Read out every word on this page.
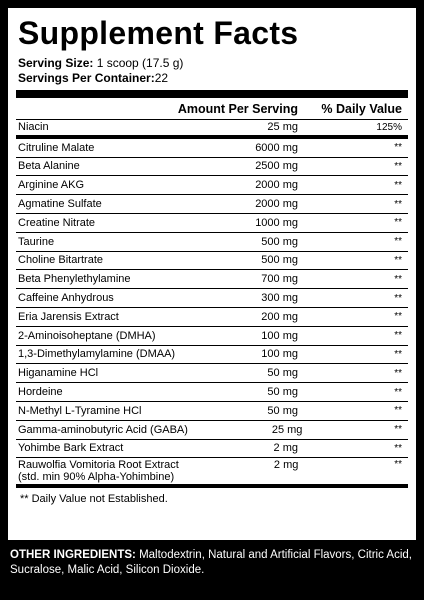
Supplement Facts
Serving Size: 1 scoop (17.5 g)
Servings Per Container:22
Amount Per Serving	% Daily Value
Niacin	25 mg	125%
Citruline Malate	6000 mg	**
Beta Alanine	2500 mg	**
Arginine AKG	2000 mg	**
Agmatine Sulfate	2000 mg	**
Creatine Nitrate	1000 mg	**
Taurine	500 mg	**
Choline Bitartrate	500 mg	**
Beta Phenylethylamine	700 mg	**
Caffeine Anhydrous	300 mg	**
Eria Jarensis Extract	200 mg	**
2-Aminoisoheptane (DMHA)	100 mg	**
1,3-Dimethylamylamine (DMAA)	100 mg	**
Higanamine HCl	50 mg	**
Hordeine	50 mg	**
N-Methyl L-Tyramine HCl	50 mg	**
Gamma-aminobutyric Acid (GABA)	25 mg	**
Yohimbe Bark Extract	2 mg	**
Rauwolfia Vomitoria Root Extract
(std. min 90% Alpha-Yohimbine)
2 mg	**
** Daily Value not Established.
OTHER INGREDIENTS: Maltodextrin, Natural and Artificial Flavors, Citric Acid, Sucralose, Malic Acid, Silicon Dioxide.
